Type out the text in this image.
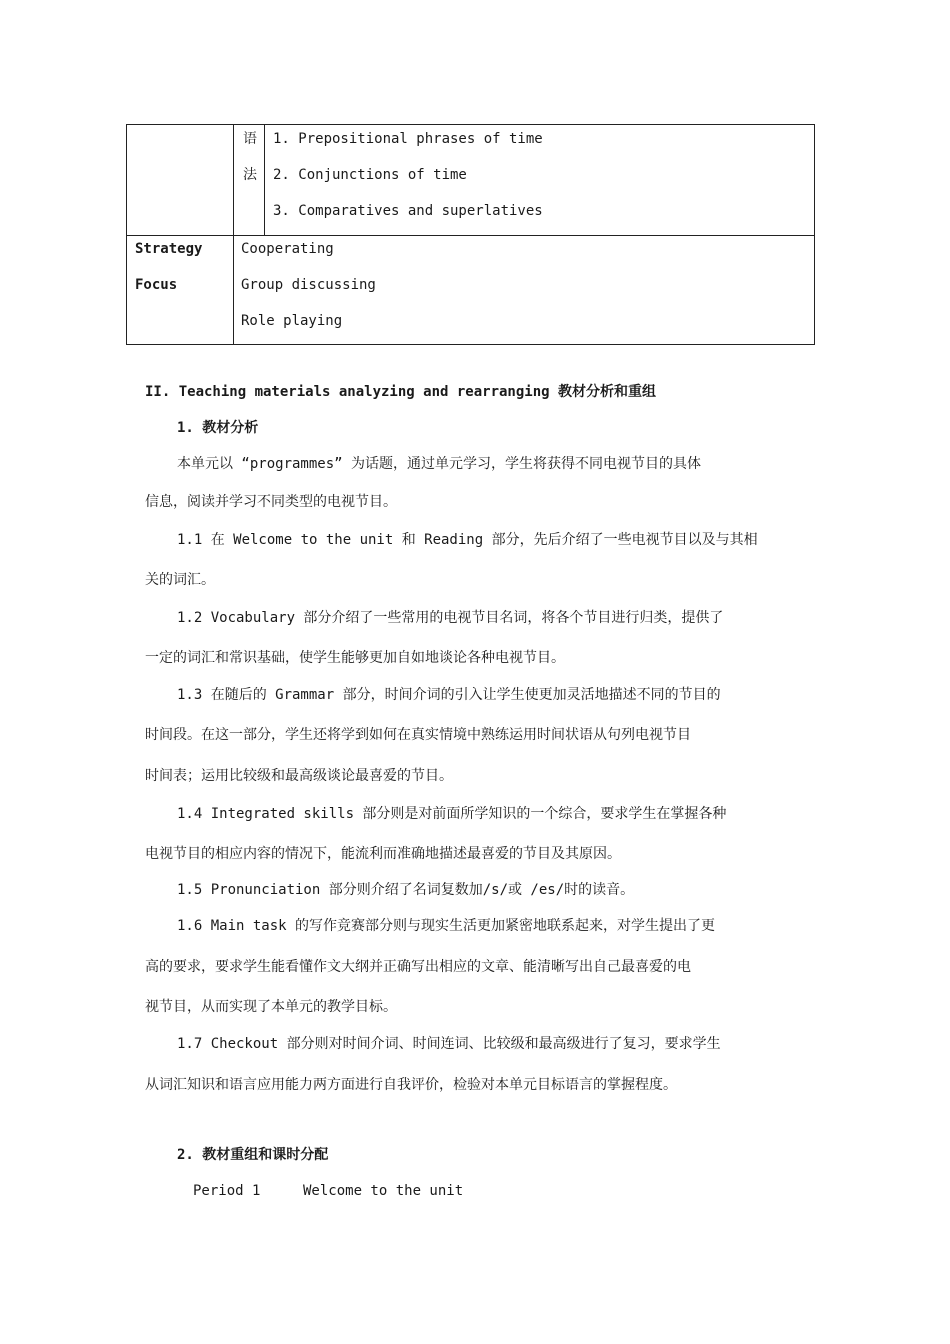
语
法
1. Prepositional phrases of time
2. Conjunctions of time
3. Comparatives and superlatives
Strategy
Focus
Cooperating
Group discussing
Role playing
II. Teaching materials analyzing and rearranging 教材分析和重组
1. 教材分析
本单元以 “programmes” 为话题，通过单元学习，学生将获得不同电视节目的具体
信息，阅读并学习不同类型的电视节目。
1.1 在 Welcome to the unit 和 Reading 部分，先后介绍了一些电视节目以及与其相
关的词汇。
1.2 Vocabulary 部分介绍了一些常用的电视节目名词，将各个节目进行归类，提供了
一定的词汇和常识基础，使学生能够更加自如地谈论各种电视节目。
1.3 在随后的 Grammar 部分，时间介词的引入让学生使更加灵活地描述不同的节目的
时间段。在这一部分，学生还将学到如何在真实情境中熟练运用时间状语从句列电视节目
时间表；运用比较级和最高级谈论最喜爱的节目。
1.4 Integrated skills 部分则是对前面所学知识的一个综合，要求学生在掌握各种
电视节目的相应内容的情况下，能流利而准确地描述最喜爱的节目及其原因。
1.5 Pronunciation 部分则介绍了名词复数加/s/或 /es/时的读音。
1.6 Main task 的写作竞赛部分则与现实生活更加紧密地联系起来，对学生提出了更
高的要求，要求学生能看懂作文大纲并正确写出相应的文章、能清晰写出自己最喜爱的电
视节目，从而实现了本单元的教学目标。
1.7 Checkout 部分则对时间介词、时间连词、比较级和最高级进行了复习，要求学生
从词汇知识和语言应用能力两方面进行自我评价，检验对本单元目标语言的掌握程度。
2. 教材重组和课时分配
Period 1	Welcome to the unit
